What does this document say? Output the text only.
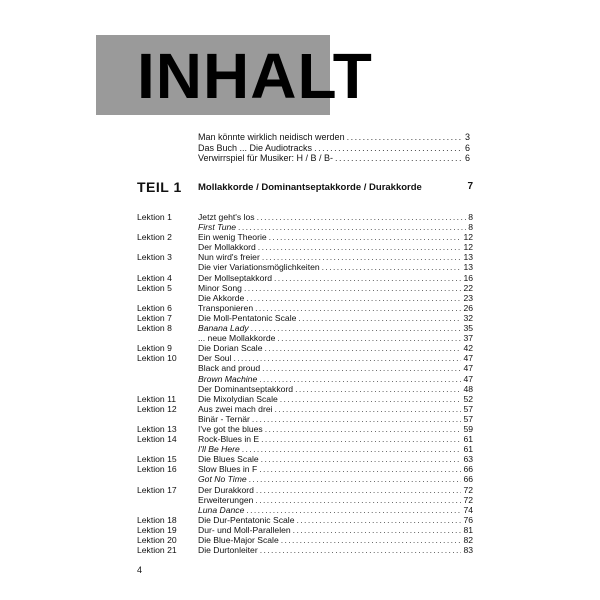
INHALT
Man könnte wirklich neidisch werden . . .	3
Das Buch ... Die Audiotracks . . .	6
Verwirrspiel für Musiker: H / B / B- . . .	6
TEIL 1 Mollakkorde / Dominantseptakkorde / Durakkorde	7
Lektion 1	Jetzt geht's los . . .	8
First Tune . . .	8
Lektion 2	Ein wenig Theorie . . .	12
Der Mollakkord . . .	12
Lektion 3	Nun wird's freier . . .	13
Die vier Variationsmöglichkeiten . . .	13
Lektion 4	Der Mollseptakkord . . .	16
Lektion 5	Minor Song . . .	22
Die Akkorde . . .	23
Lektion 6	Transponieren . . .	26
Lektion 7	Die Moll-Pentatonic Scale . . .	32
Lektion 8	Banana Lady . . .	35
... neue Mollakkorde . . .	37
Lektion 9	Die Dorian Scale . . .	42
Lektion 10	Der Soul . . .	47
Black and proud . . .	47
Brown Machine . . .	47
Der Dominantseptakkord . . .	48
Lektion 11	Die Mixolydian Scale . . .	52
Lektion 12	Aus zwei mach drei . . .	57
Binär - Ternär . . .	57
Lektion 13	I've got the blues . . .	59
Lektion 14	Rock-Blues in E . . .	61
I'll Be Here . . .	61
Lektion 15	Die Blues Scale . . .	63
Lektion 16	Slow Blues in F . . .	66
Got No Time . . .	66
Lektion 17	Der Durakkord . . .	72
Erweiterungen . . .	72
Luna Dance . . .	74
Lektion 18	Die Dur-Pentatonic Scale . . .	76
Lektion 19	Dur- und Moll-Parallelen . . .	81
Lektion 20	Die Blue-Major Scale . . .	82
Lektion 21	Die Durtonleiter . . .	83
4
